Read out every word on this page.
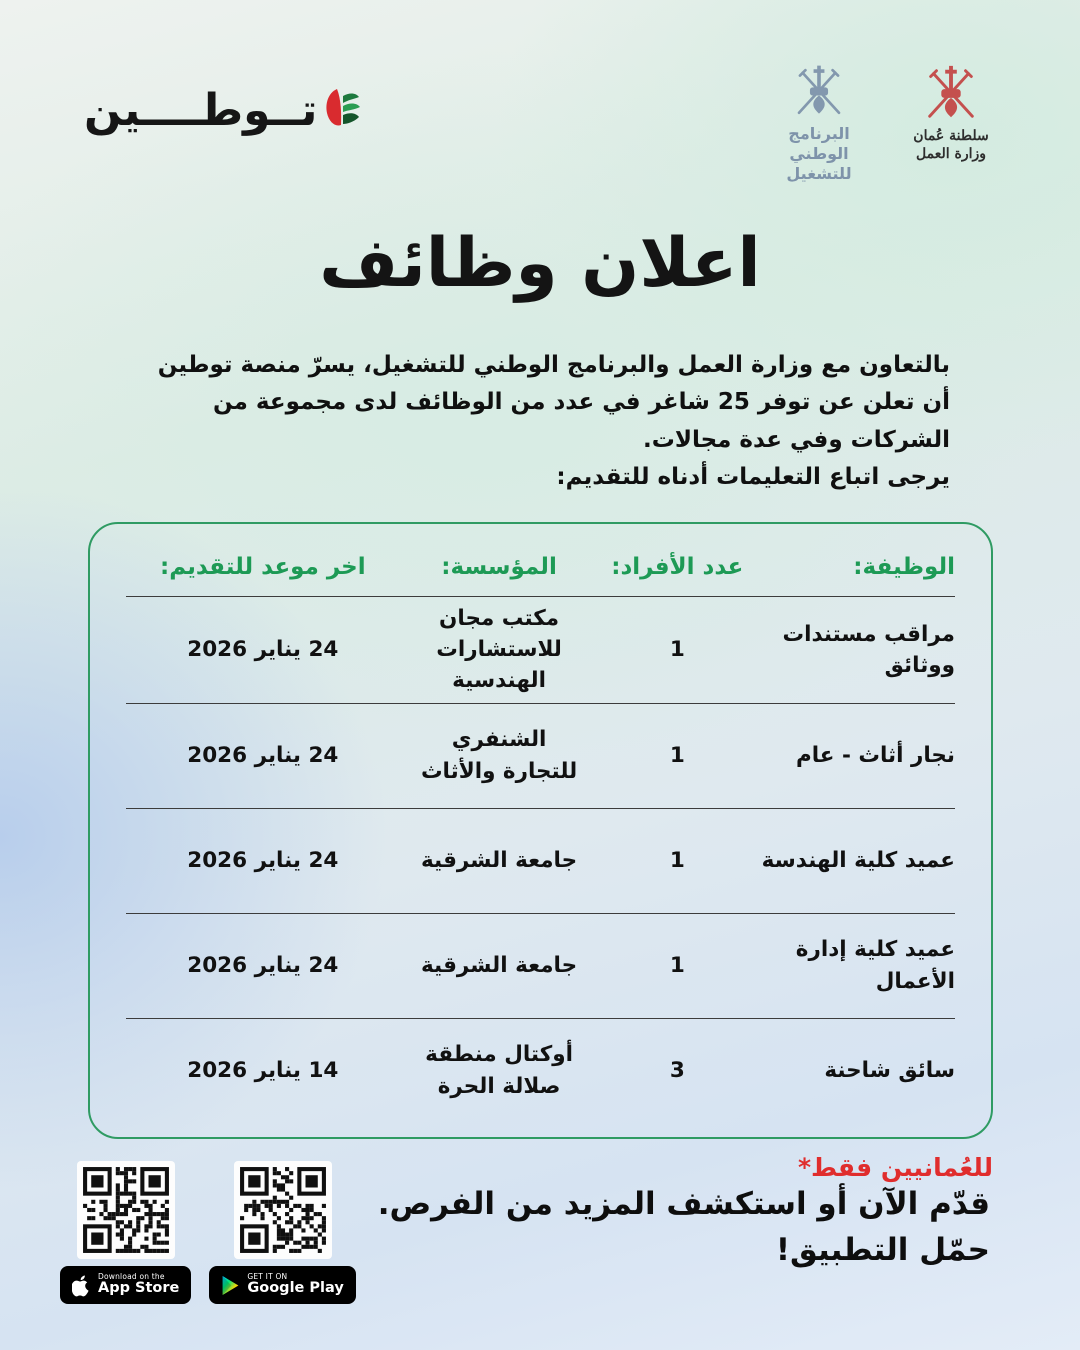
سلطنة عُمان
وزارة العمل
البرنامج الوطني
للتشغيل
تــوطــــين
اعلان وظائف

بالتعاون مع وزارة العمل والبرنامج الوطني للتشغيل، يسرّ منصة توطين أن تعلن عن توفر 25 شاغر في عدد من الوظائف لدى مجموعة من الشركات وفي عدة مجالات.

يرجى اتباع التعليمات أدناه للتقديم:

الوظيفة:
عدد الأفراد:
المؤسسة:
اخر موعد للتقديم:
مراقب مستندات ووثائق
1
مكتب مجان للاستشارات الهندسية
24 يناير 2026
نجار أثاث - عام
1
الشنفري للتجارة والأثاث
24 يناير 2026
عميد كلية الهندسة
1
جامعة الشرقية
24 يناير 2026
عميد كلية إدارة الأعمال
1
جامعة الشرقية
24 يناير 2026
سائق شاحنة
3
أوكتال منطقة صلالة الحرة
14 يناير 2026
للعُمانيين فقط*

قدّم الآن أو استكشف المزيد من الفرص.

حمّل التطبيق!

Download on the
App Store
GET IT ON
Google Play
